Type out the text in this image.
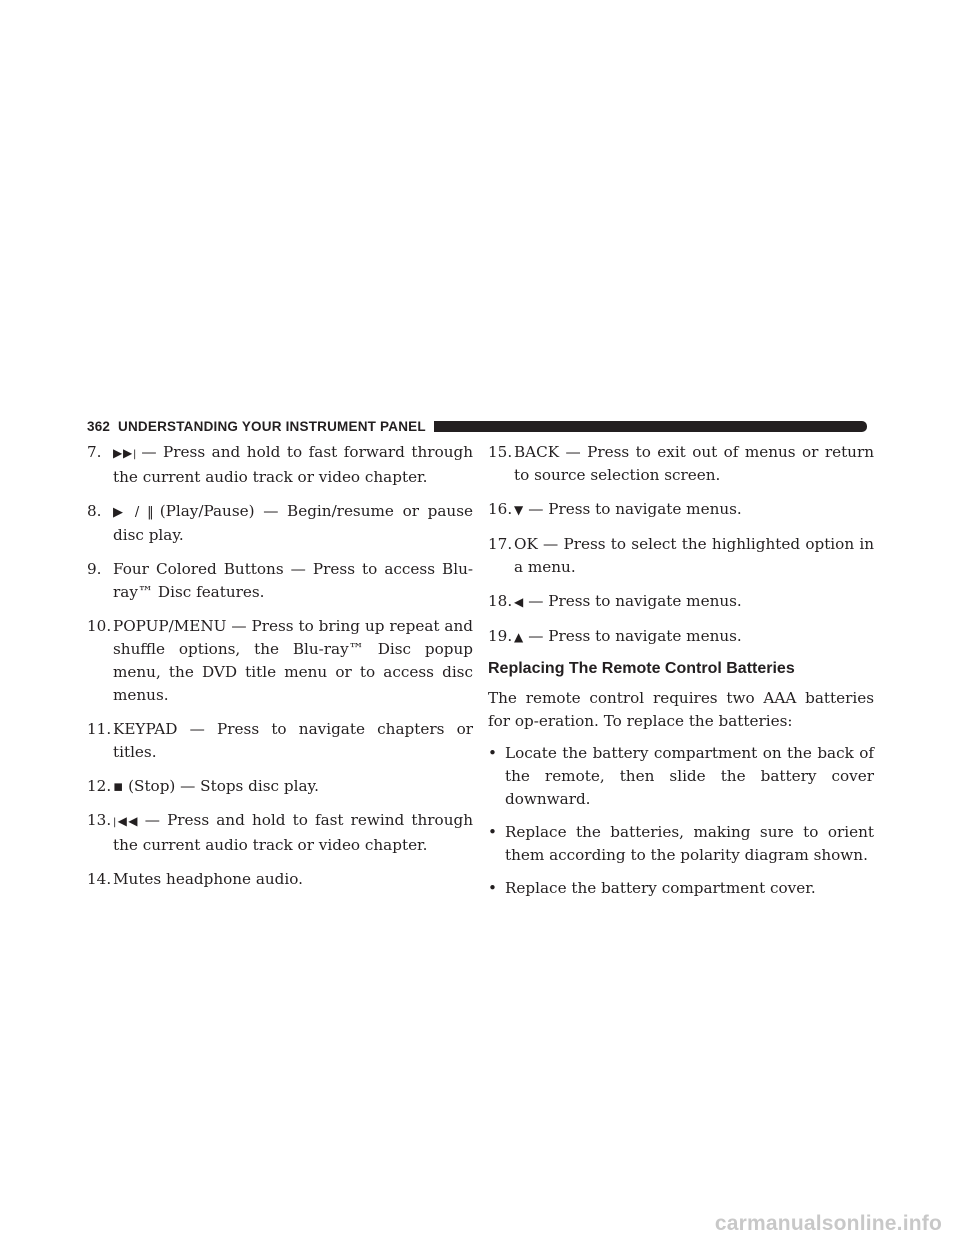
362 UNDERSTANDING YOUR INSTRUMENT PANEL
7. ▶▶| — Press and hold to fast forward through the current audio track or video chapter.
8. ▶ / ‖ (Play/Pause) — Begin/resume or pause disc play.
9. Four Colored Buttons — Press to access Blu-ray™ Disc features.
10. POPUP/MENU — Press to bring up repeat and shuffle options, the Blu-ray™ Disc popup menu, the DVD title menu or to access disc menus.
11. KEYPAD — Press to navigate chapters or titles.
12. ▪ (Stop) — Stops disc play.
13. |◀◀ — Press and hold to fast rewind through the current audio track or video chapter.
14. Mutes headphone audio.
15. BACK — Press to exit out of menus or return to source selection screen.
16. ▼ — Press to navigate menus.
17. OK — Press to select the highlighted option in a menu.
18. ◀ — Press to navigate menus.
19. ▲ — Press to navigate menus.
Replacing The Remote Control Batteries
The remote control requires two AAA batteries for op-eration. To replace the batteries:
• Locate the battery compartment on the back of the remote, then slide the battery cover downward.
• Replace the batteries, making sure to orient them according to the polarity diagram shown.
• Replace the battery compartment cover.
carmanualsonline.info
